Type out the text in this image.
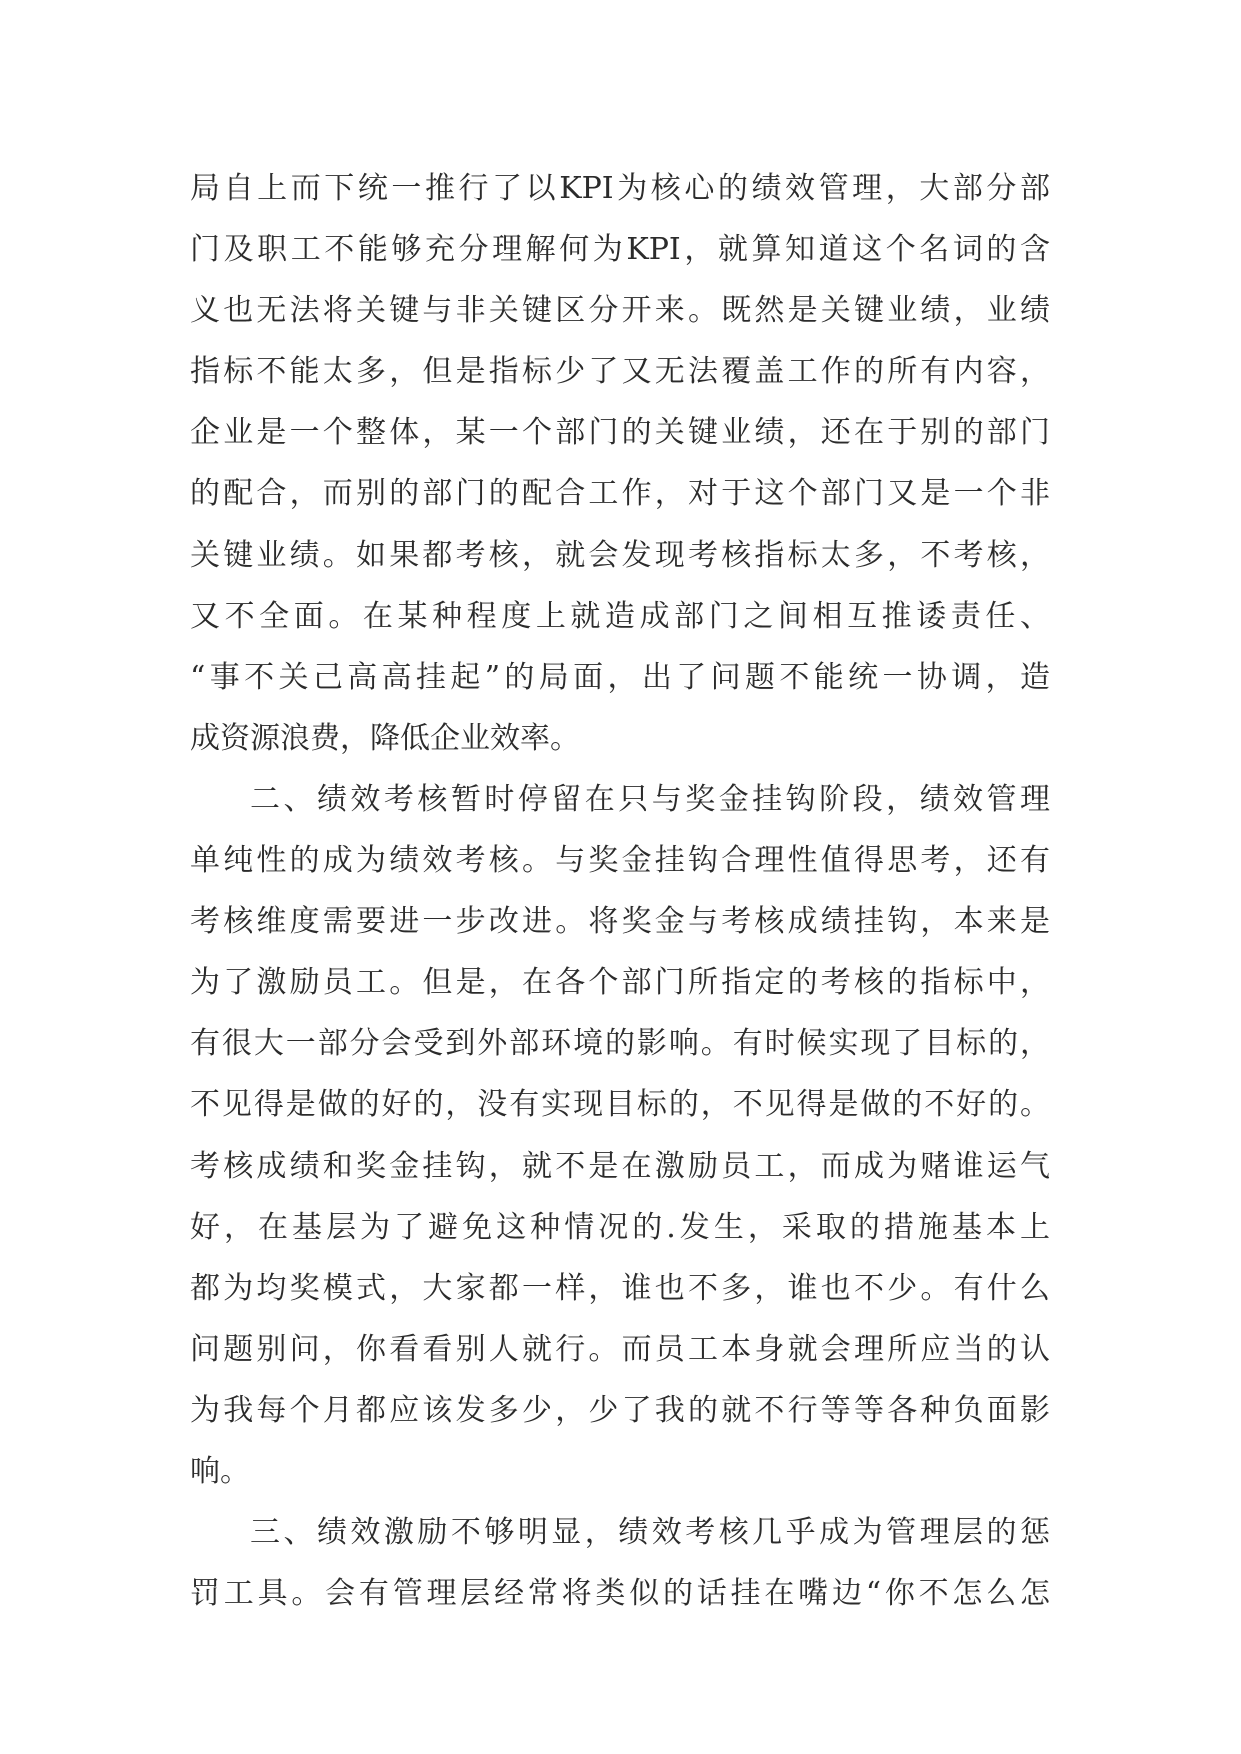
局自上而下统一推行了以KPI为核心的绩效管理，大部分部
门及职工不能够充分理解何为KPI，就算知道这个名词的含
义也无法将关键与非关键区分开来。既然是关键业绩，业绩
指标不能太多，但是指标少了又无法覆盖工作的所有内容，
企业是一个整体，某一个部门的关键业绩，还在于别的部门
的配合，而别的部门的配合工作，对于这个部门又是一个非
关键业绩。如果都考核，就会发现考核指标太多，不考核，
又不全面。在某种程度上就造成部门之间相互推诿责任、
“事不关己高高挂起”的局面，出了问题不能统一协调，造
成资源浪费，降低企业效率。
二、绩效考核暂时停留在只与奖金挂钩阶段，绩效管理
单纯性的成为绩效考核。与奖金挂钩合理性值得思考，还有
考核维度需要进一步改进。将奖金与考核成绩挂钩，本来是
为了激励员工。但是，在各个部门所指定的考核的指标中，
有很大一部分会受到外部环境的影响。有时候实现了目标的，
不见得是做的好的，没有实现目标的，不见得是做的不好的。
考核成绩和奖金挂钩，就不是在激励员工，而成为赌谁运气
好，在基层为了避免这种情况的.发生，采取的措施基本上
都为均奖模式，大家都一样，谁也不多，谁也不少。有什么
问题别问，你看看别人就行。而员工本身就会理所应当的认
为我每个月都应该发多少，少了我的就不行等等各种负面影
响。
三、绩效激励不够明显，绩效考核几乎成为管理层的惩
罚工具。会有管理层经常将类似的话挂在嘴边“你不怎么怎
